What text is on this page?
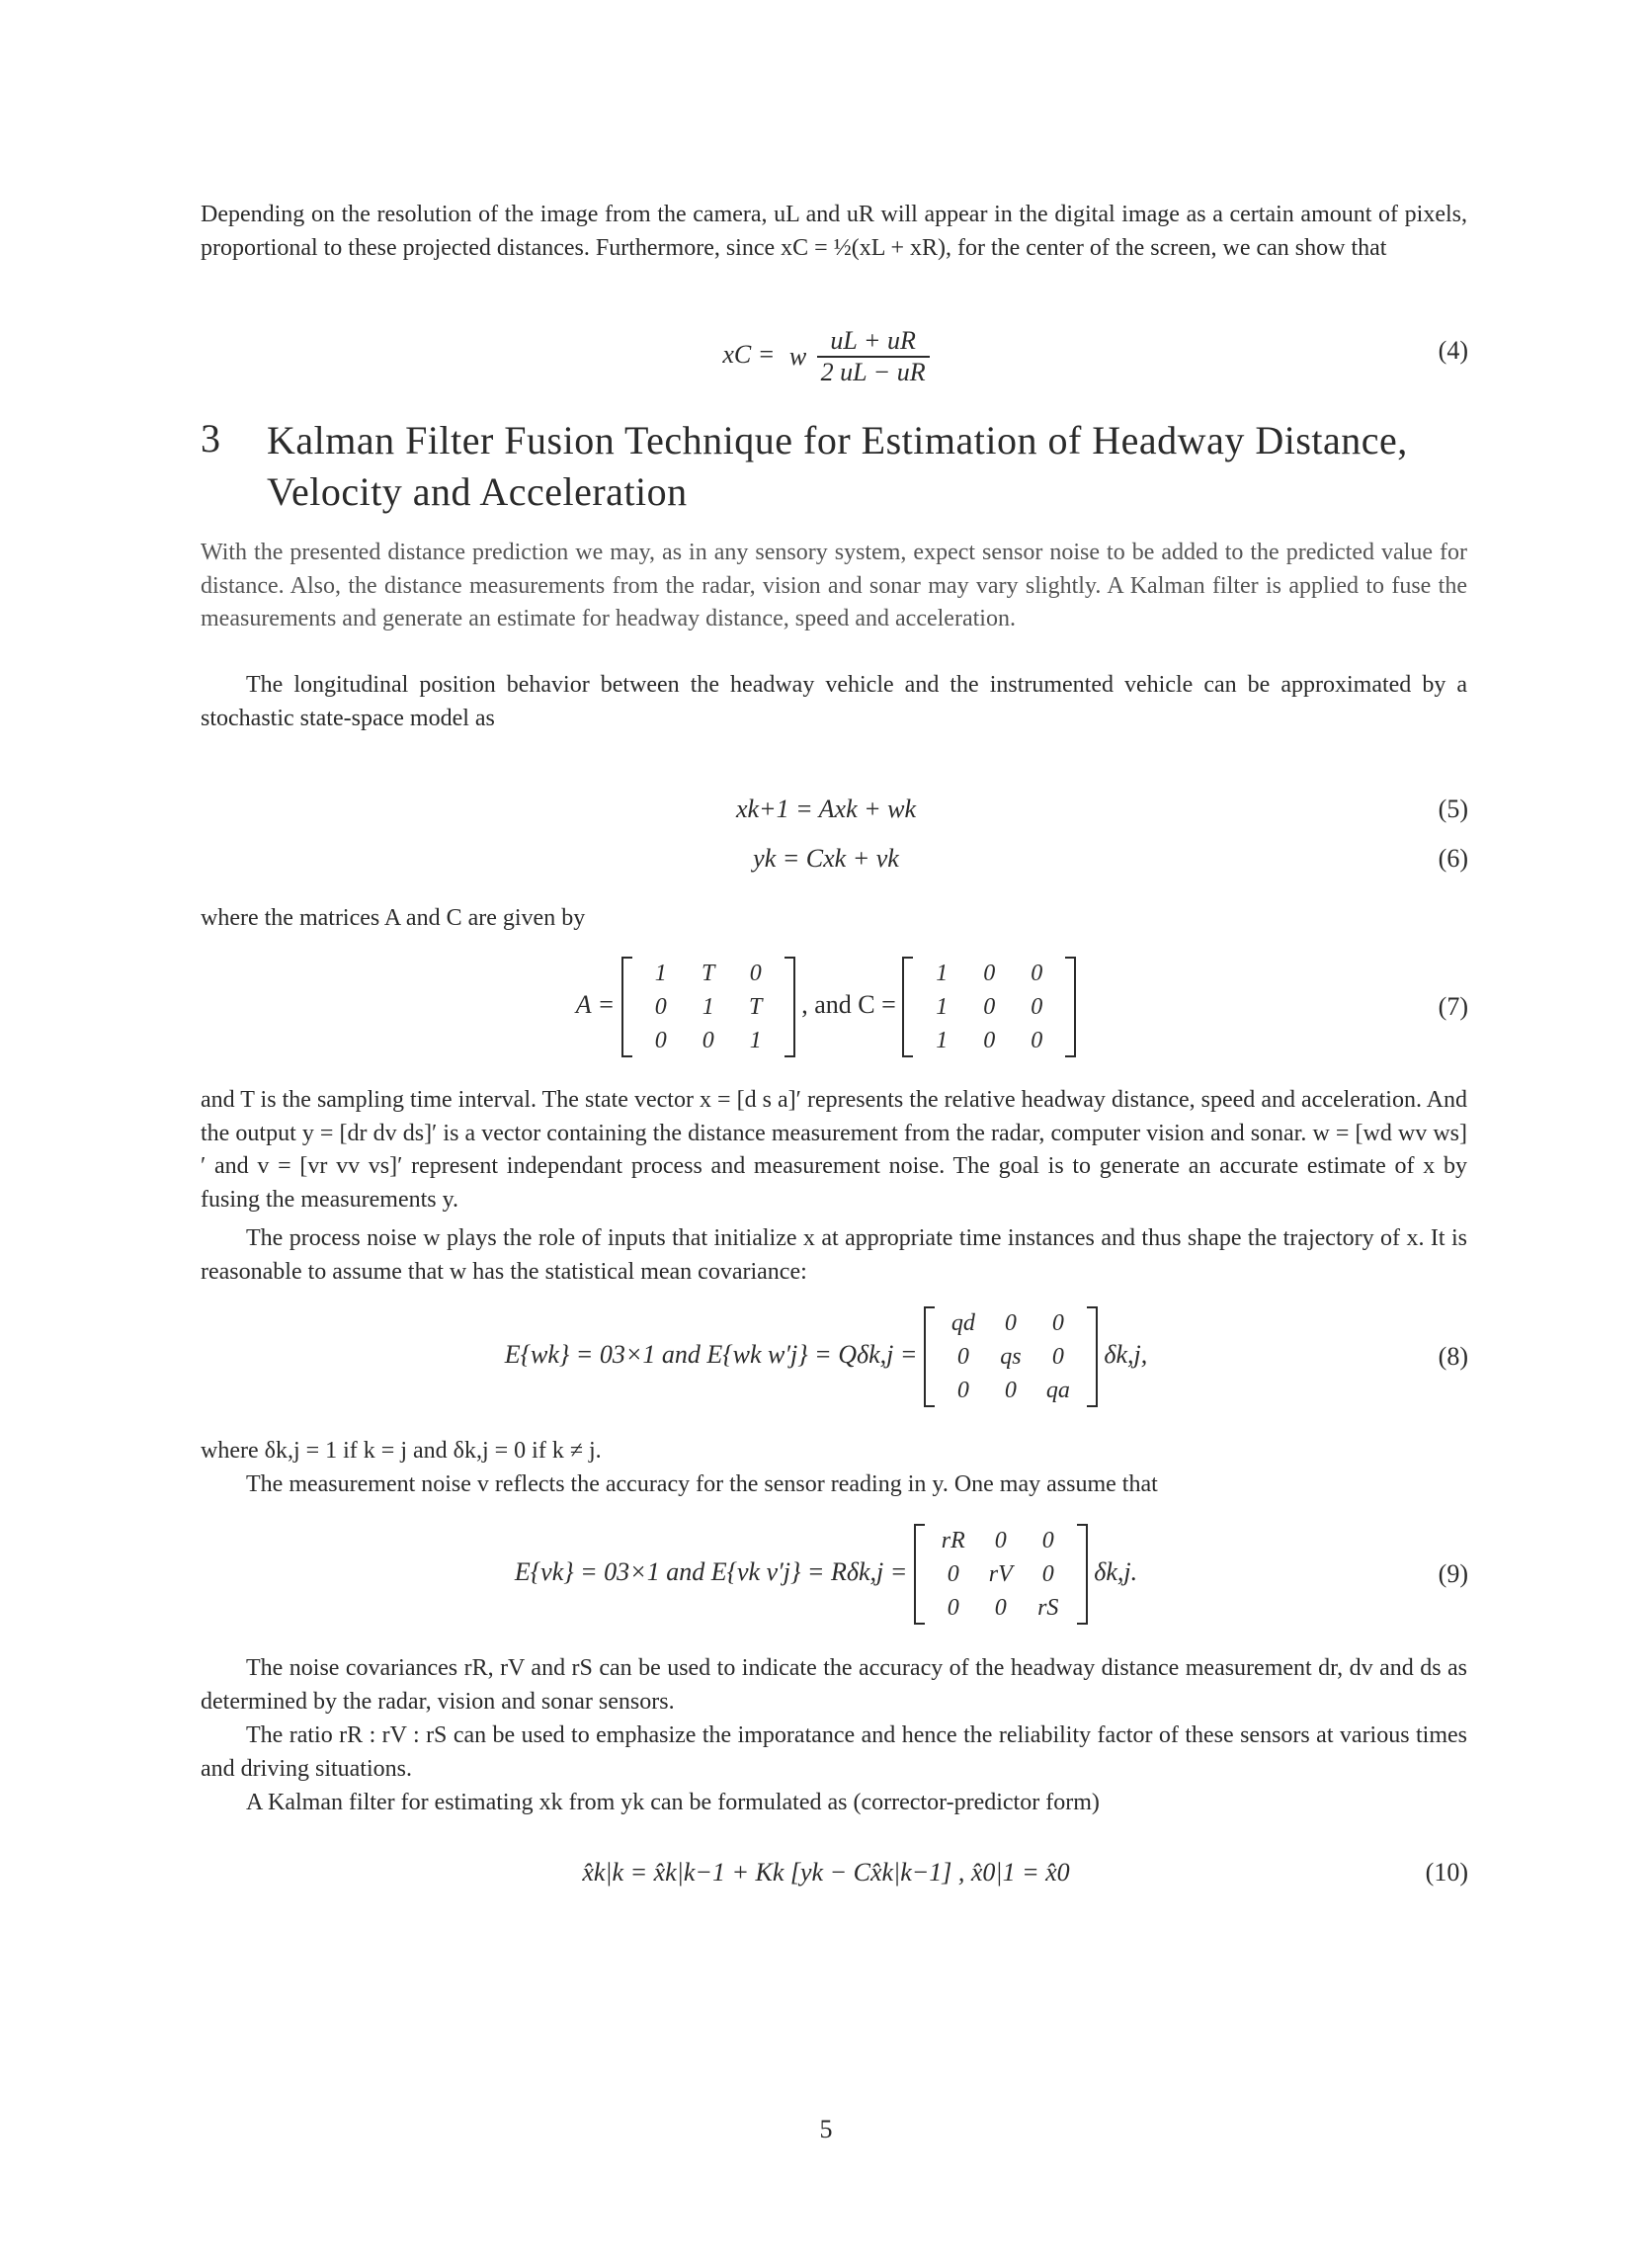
Depending on the resolution of the image from the camera, uL and uR will appear in the digital image as a certain amount of pixels, proportional to these projected distances. Furthermore, since xC = ½(xL + xR), for the center of the screen, we can show that

xC = w
$\frac{uL + uR}{2 uL - uR}$	(4)
3 Kalman Filter Fusion Technique for Estimation of Headway Distance, Velocity and Acceleration

With the presented distance prediction we may, as in any sensory system, expect sensor noise to be added to the predicted value for distance. Also, the distance measurements from the radar, vision and sonar may vary slightly. A Kalman filter is applied to fuse the measurements and generate an estimate for headway distance, speed and acceleration.

The longitudinal position behavior between the headway vehicle and the instrumented vehicle can be approximated by a stochastic state-space model as

xk+1 = Axk + wk	(5)
yk = Cxk + vk	(6)

where the matrices A and C are given by

A =
1	T	0
0	1	T
0	0	1
, and C =
1	0	0
1	0	0
1	0	0
(7)

and T is the sampling time interval. The state vector x = [d s a]′ represents the relative headway distance, speed and acceleration. And the output y = [dr dv ds]′ is a vector containing the distance measurement from the radar, computer vision and sonar. w = [wd wv ws]′ and v = [vr vv vs]′ represent independant process and measurement noise. The goal is to generate an accurate estimate of x by fusing the measurements y.

The process noise w plays the role of inputs that initialize x at appropriate time instances and thus shape the trajectory of x. It is reasonable to assume that w has the statistical mean covariance:

E{wk} = 03×1 and E{wk w′j} = Qδk,j =
qd	0	0
0	qs	0
0	0	qa
δk,j,	(8)

where δk,j = 1 if k = j and δk,j = 0 if k ≠ j.

The measurement noise v reflects the accuracy for the sensor reading in y. One may assume that

E{vk} = 03×1 and E{vk v′j} = Rδk,j =
rR	0	0
0	rV	0
0	0	rS
δk,j.	(9)

The noise covariances rR, rV and rS can be used to indicate the accuracy of the headway distance measurement dr, dv and ds as determined by the radar, vision and sonar sensors.

The ratio rR : rV : rS can be used to emphasize the imporatance and hence the reliability factor of these sensors at various times and driving situations.

A Kalman filter for estimating xk from yk can be formulated as (corrector-predictor form)

x̂k|k = x̂k|k−1 + Kk [yk − Cx̂k|k−1] , x̂0|1 = x̂0	(10)
5
